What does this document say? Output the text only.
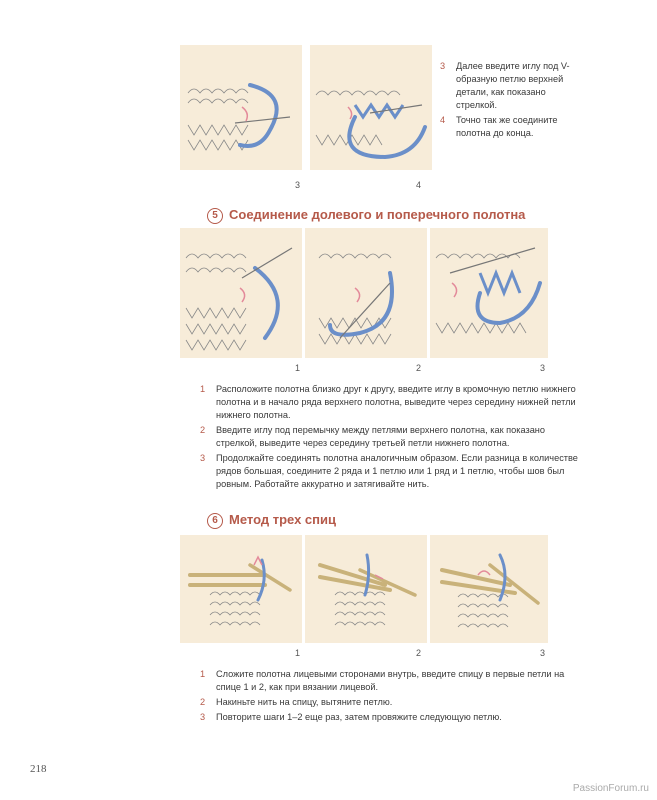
3	4
3	Далее введите иглу под V-образную петлю верхней детали, как показано стрелкой.
4	Точно так же соедините полотна до конца.
5 Соединение долевого и поперечного полотна
1	2	3
1	Расположите полотна близко друг к другу, введите иглу в кромочную петлю нижнего полотна и в начало ряда верхнего полотна, выведите через середину нижней петли нижнего полотна.
2	Введите иглу под перемычку между петлями верхнего полотна, как показано стрелкой, выведите через середину третьей петли нижнего полотна.
3	Продолжайте соединять полотна аналогичным образом. Если разница в количестве рядов большая, соедините 2 ряда и 1 петлю или 1 ряд и 1 петлю, чтобы шов был ровным. Работайте аккуратно и затягивайте нить.
6 Метод трех спиц
1	2	3
1	Сложите полотна лицевыми сторонами внутрь, введите спицу в первые петли на спице 1 и 2, как при вязании лицевой.
2	Накиньте нить на спицу, вытяните петлю.
3	Повторите шаги 1–2 еще раз, затем провяжите следующую петлю.
218
PassionForum.ru
